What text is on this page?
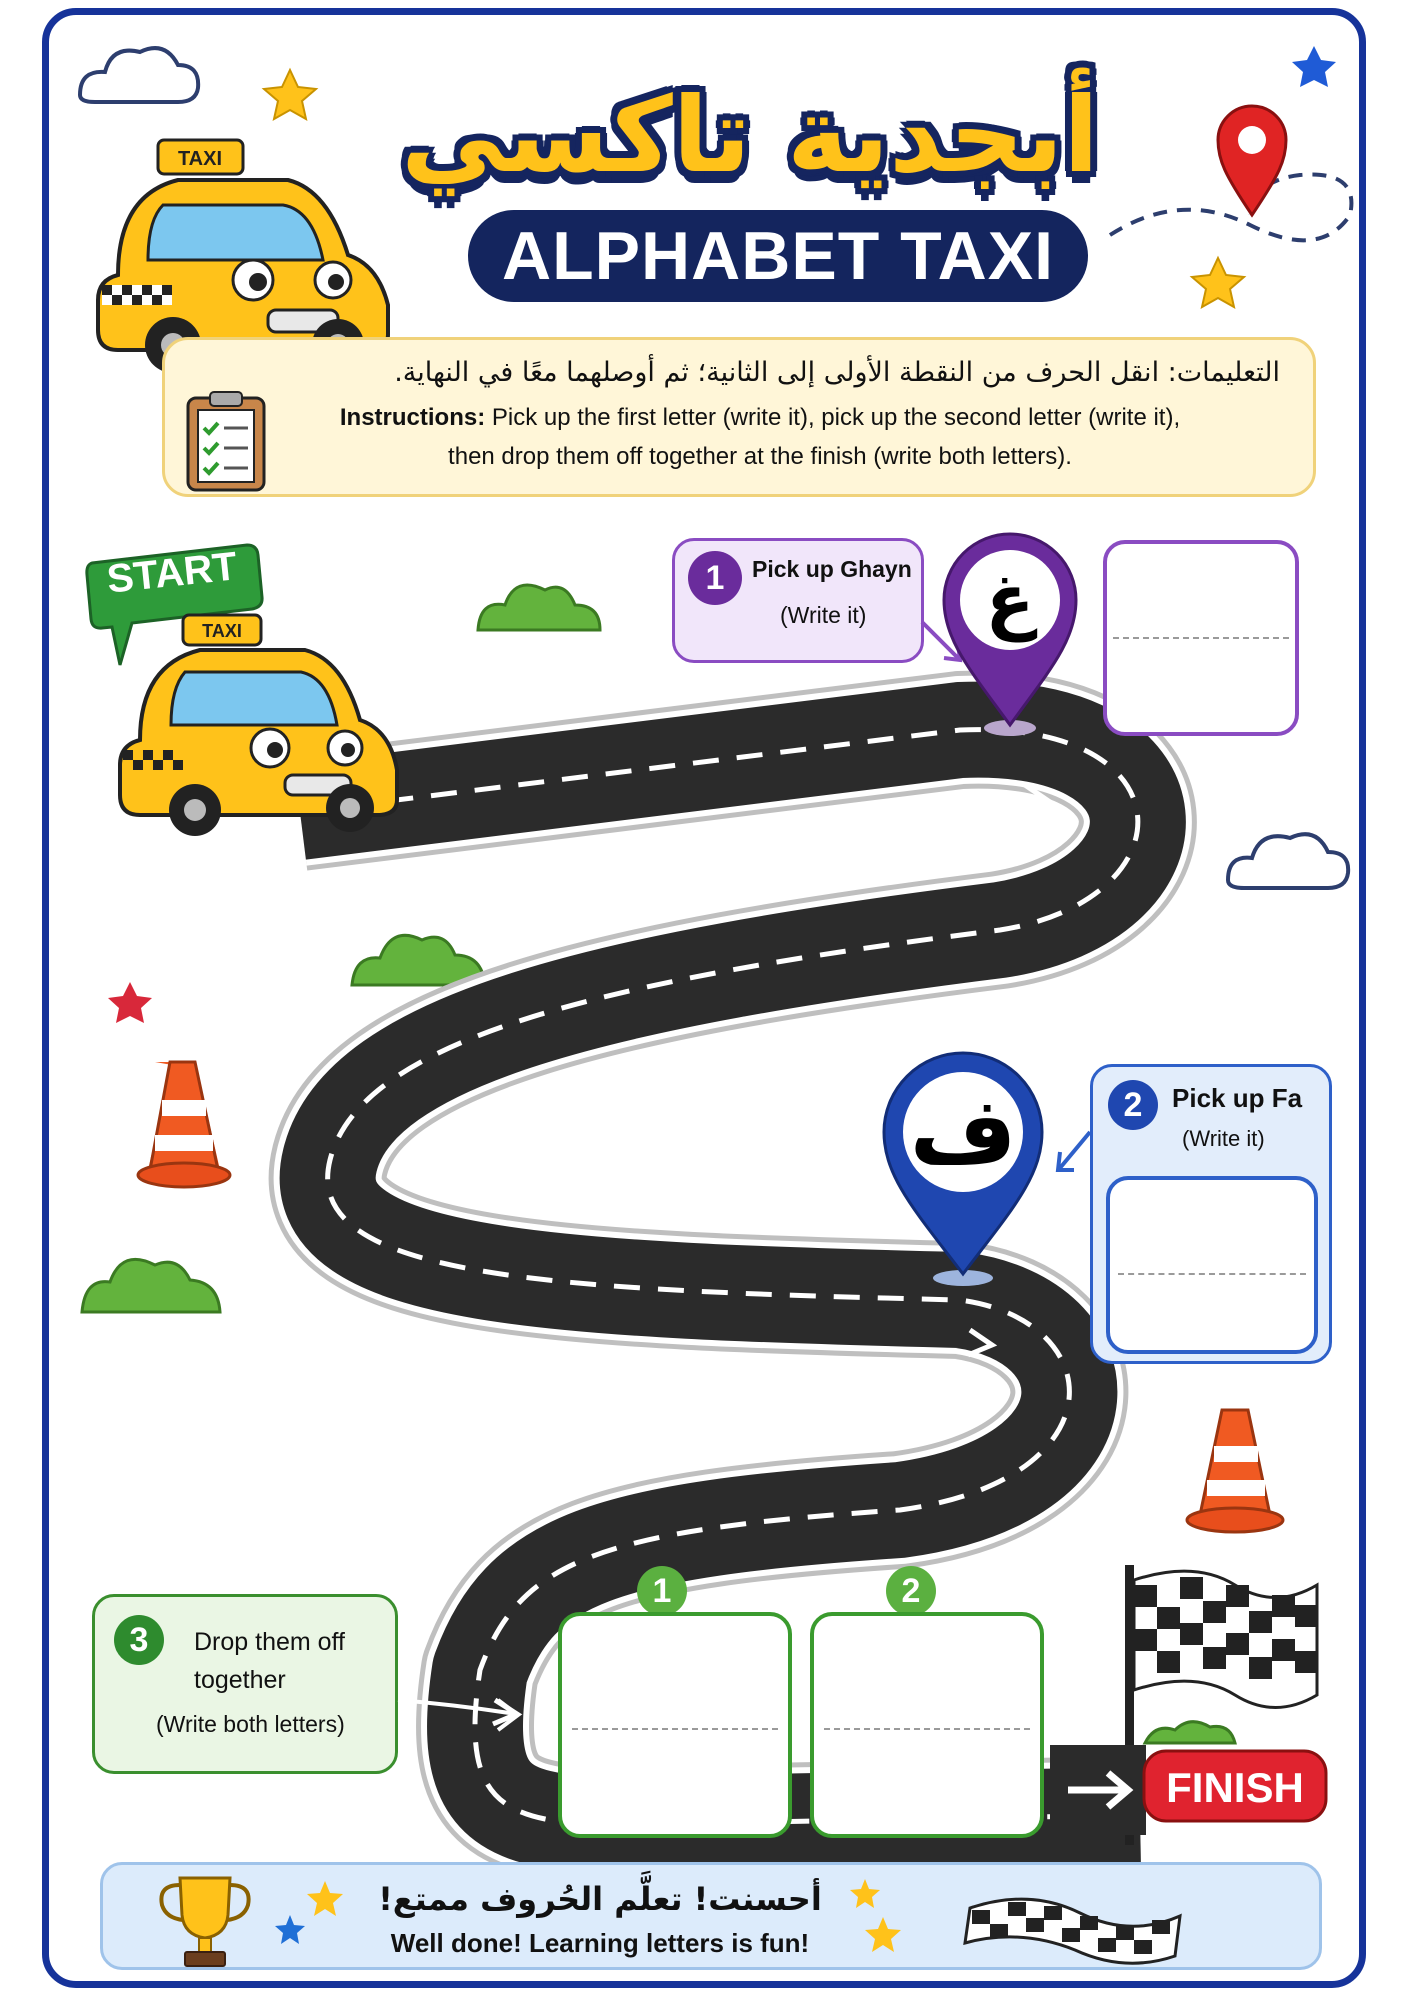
أبجدية تاكسي
ALPHABET TAXI
TAXI
التعليمات: انقل الحرف من النقطة الأولى إلى الثانية؛ ثم أوصلهما معًا في النهاية.
Instructions: Pick up the first letter (write it), pick up the second letter (write it),
then drop them off together at the finish (write both letters).
START
TAXI
1	Pick up Ghayn
(Write it)	غ
2	Pick up Fa
(Write it)
ف
3	Drop them off
together
(Write both letters)
1	2
FINISH
أحسنت! تعلَّم الحُروف ممتع!
Well done! Learning letters is fun!
